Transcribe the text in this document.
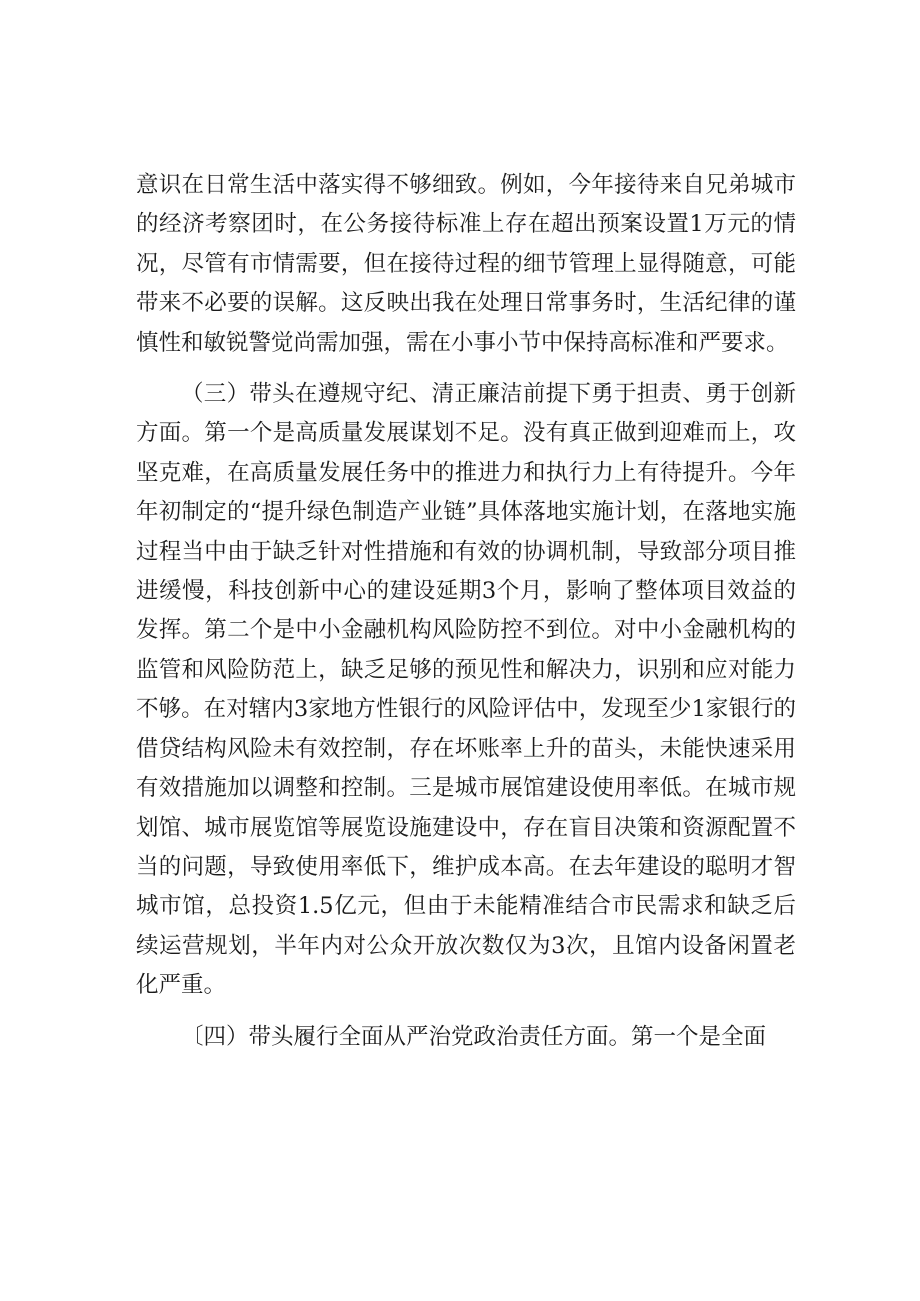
意识在日常生活中落实得不够细致。例如，今年接待来自兄弟城市的经济考察团时，在公务接待标准上存在超出预案设置1万元的情况，尽管有市情需要，但在接待过程的细节管理上显得随意，可能带来不必要的误解。这反映出我在处理日常事务时，生活纪律的谨慎性和敏锐警觉尚需加强，需在小事小节中保持高标准和严要求。

（三）带头在遵规守纪、清正廉洁前提下勇于担责、勇于创新方面。第一个是高质量发展谋划不足。没有真正做到迎难而上，攻坚克难，在高质量发展任务中的推进力和执行力上有待提升。今年年初制定的“提升绿色制造产业链”具体落地实施计划，在落地实施过程当中由于缺乏针对性措施和有效的协调机制，导致部分项目推进缓慢，科技创新中心的建设延期3个月，影响了整体项目效益的发挥。第二个是中小金融机构风险防控不到位。对中小金融机构的监管和风险防范上，缺乏足够的预见性和解决力，识别和应对能力不够。在对辖内3家地方性银行的风险评估中，发现至少1家银行的借贷结构风险未有效控制，存在坏账率上升的苗头，未能快速采用有效措施加以调整和控制。三是城市展馆建设使用率低。在城市规划馆、城市展览馆等展览设施建设中，存在盲目决策和资源配置不当的问题，导致使用率低下，维护成本高。在去年建设的聪明才智城市馆，总投资1.5亿元，但由于未能精准结合市民需求和缺乏后续运营规划，半年内对公众开放次数仅为3次，且馆内设备闲置老化严重。

〔四）带头履行全面从严治党政治责任方面。第一个是全面
